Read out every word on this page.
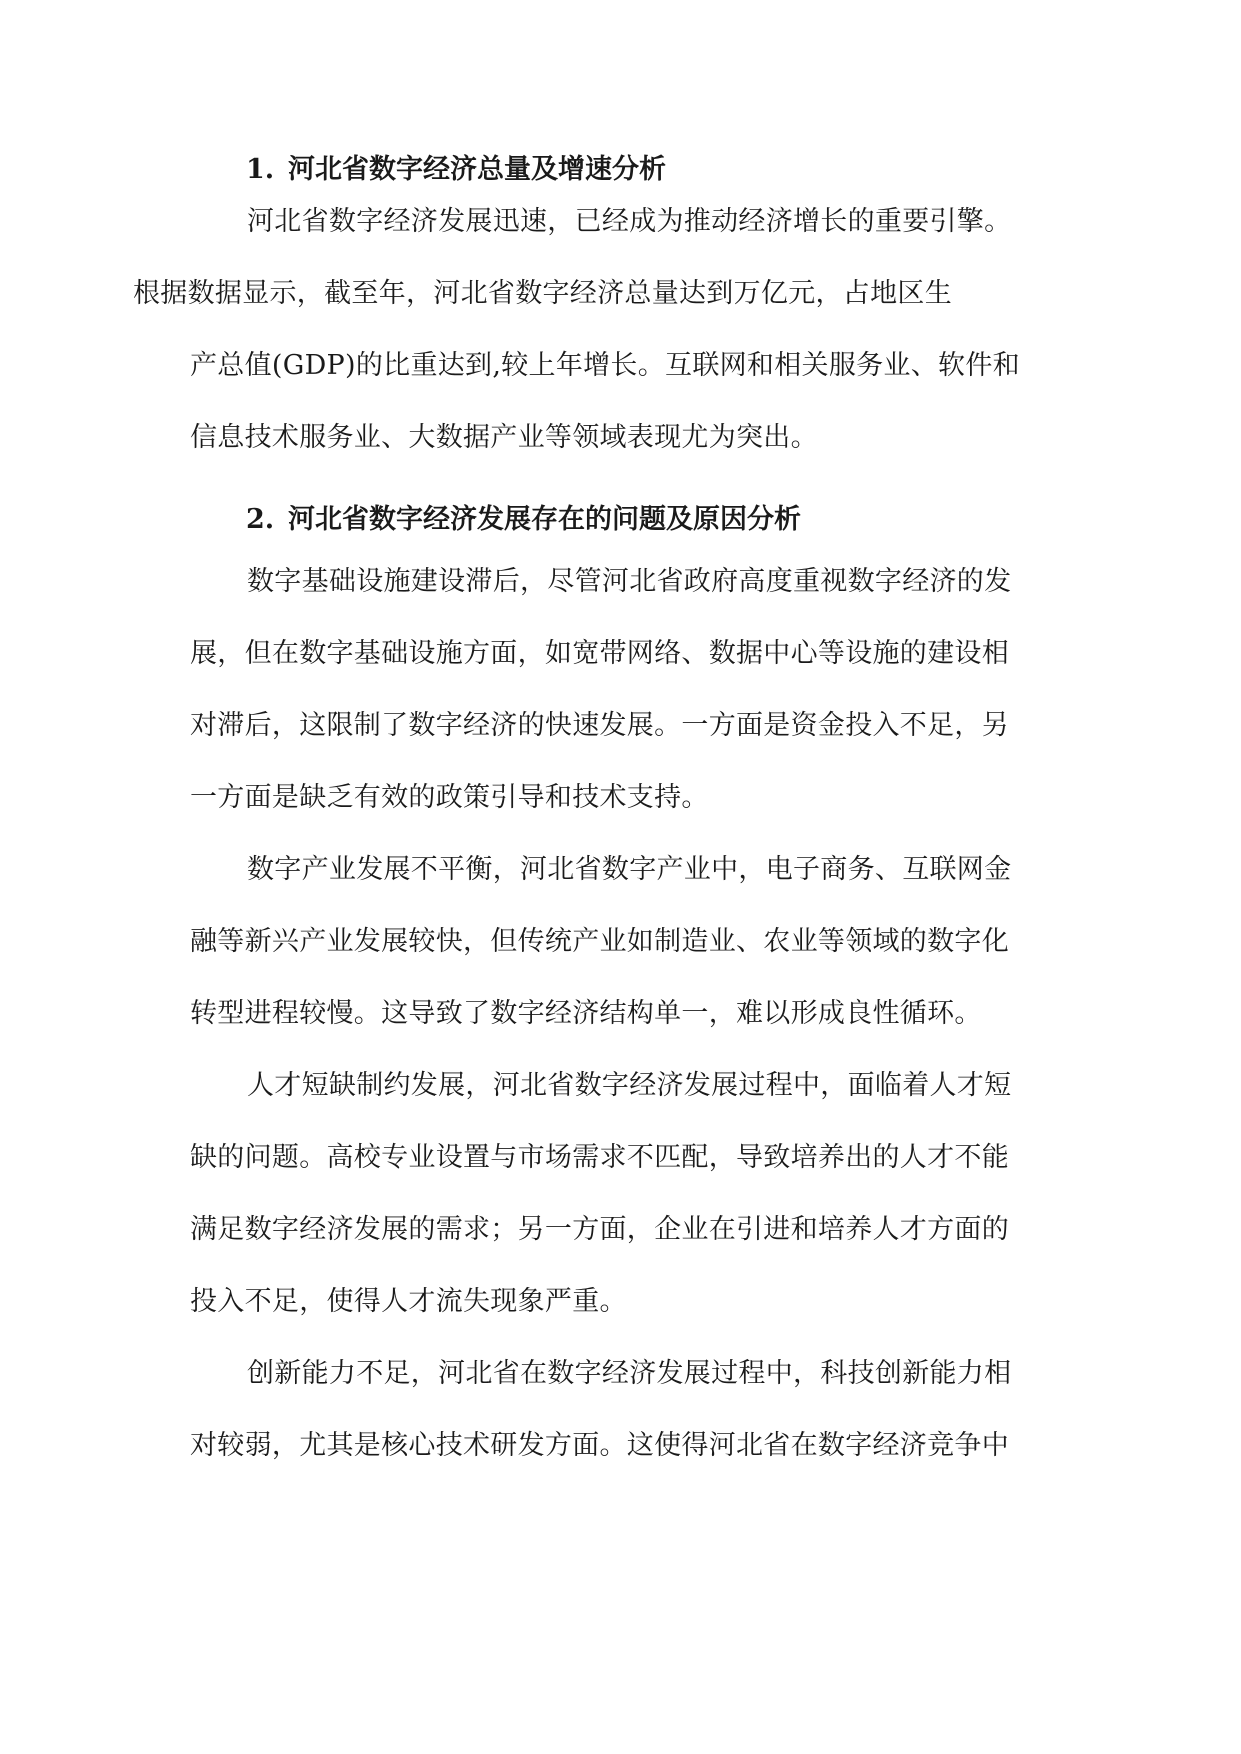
1. 河北省数字经济总量及增速分析
河北省数字经济发展迅速，已经成为推动经济增长的重要引擎。
根据数据显示，截至年，河北省数字经济总量达到万亿元，占地区生
产总值(GDP)的比重达到,较上年增长。互联网和相关服务业、软件和
信息技术服务业、大数据产业等领域表现尤为突出。
2. 河北省数字经济发展存在的问题及原因分析
数字基础设施建设滞后，尽管河北省政府高度重视数字经济的发
展，但在数字基础设施方面，如宽带网络、数据中心等设施的建设相
对滞后，这限制了数字经济的快速发展。一方面是资金投入不足，另
一方面是缺乏有效的政策引导和技术支持。
数字产业发展不平衡，河北省数字产业中，电子商务、互联网金
融等新兴产业发展较快，但传统产业如制造业、农业等领域的数字化
转型进程较慢。这导致了数字经济结构单一，难以形成良性循环。
人才短缺制约发展，河北省数字经济发展过程中，面临着人才短
缺的问题。高校专业设置与市场需求不匹配，导致培养出的人才不能
满足数字经济发展的需求；另一方面，企业在引进和培养人才方面的
投入不足，使得人才流失现象严重。
创新能力不足，河北省在数字经济发展过程中，科技创新能力相
对较弱，尤其是核心技术研发方面。这使得河北省在数字经济竞争中
